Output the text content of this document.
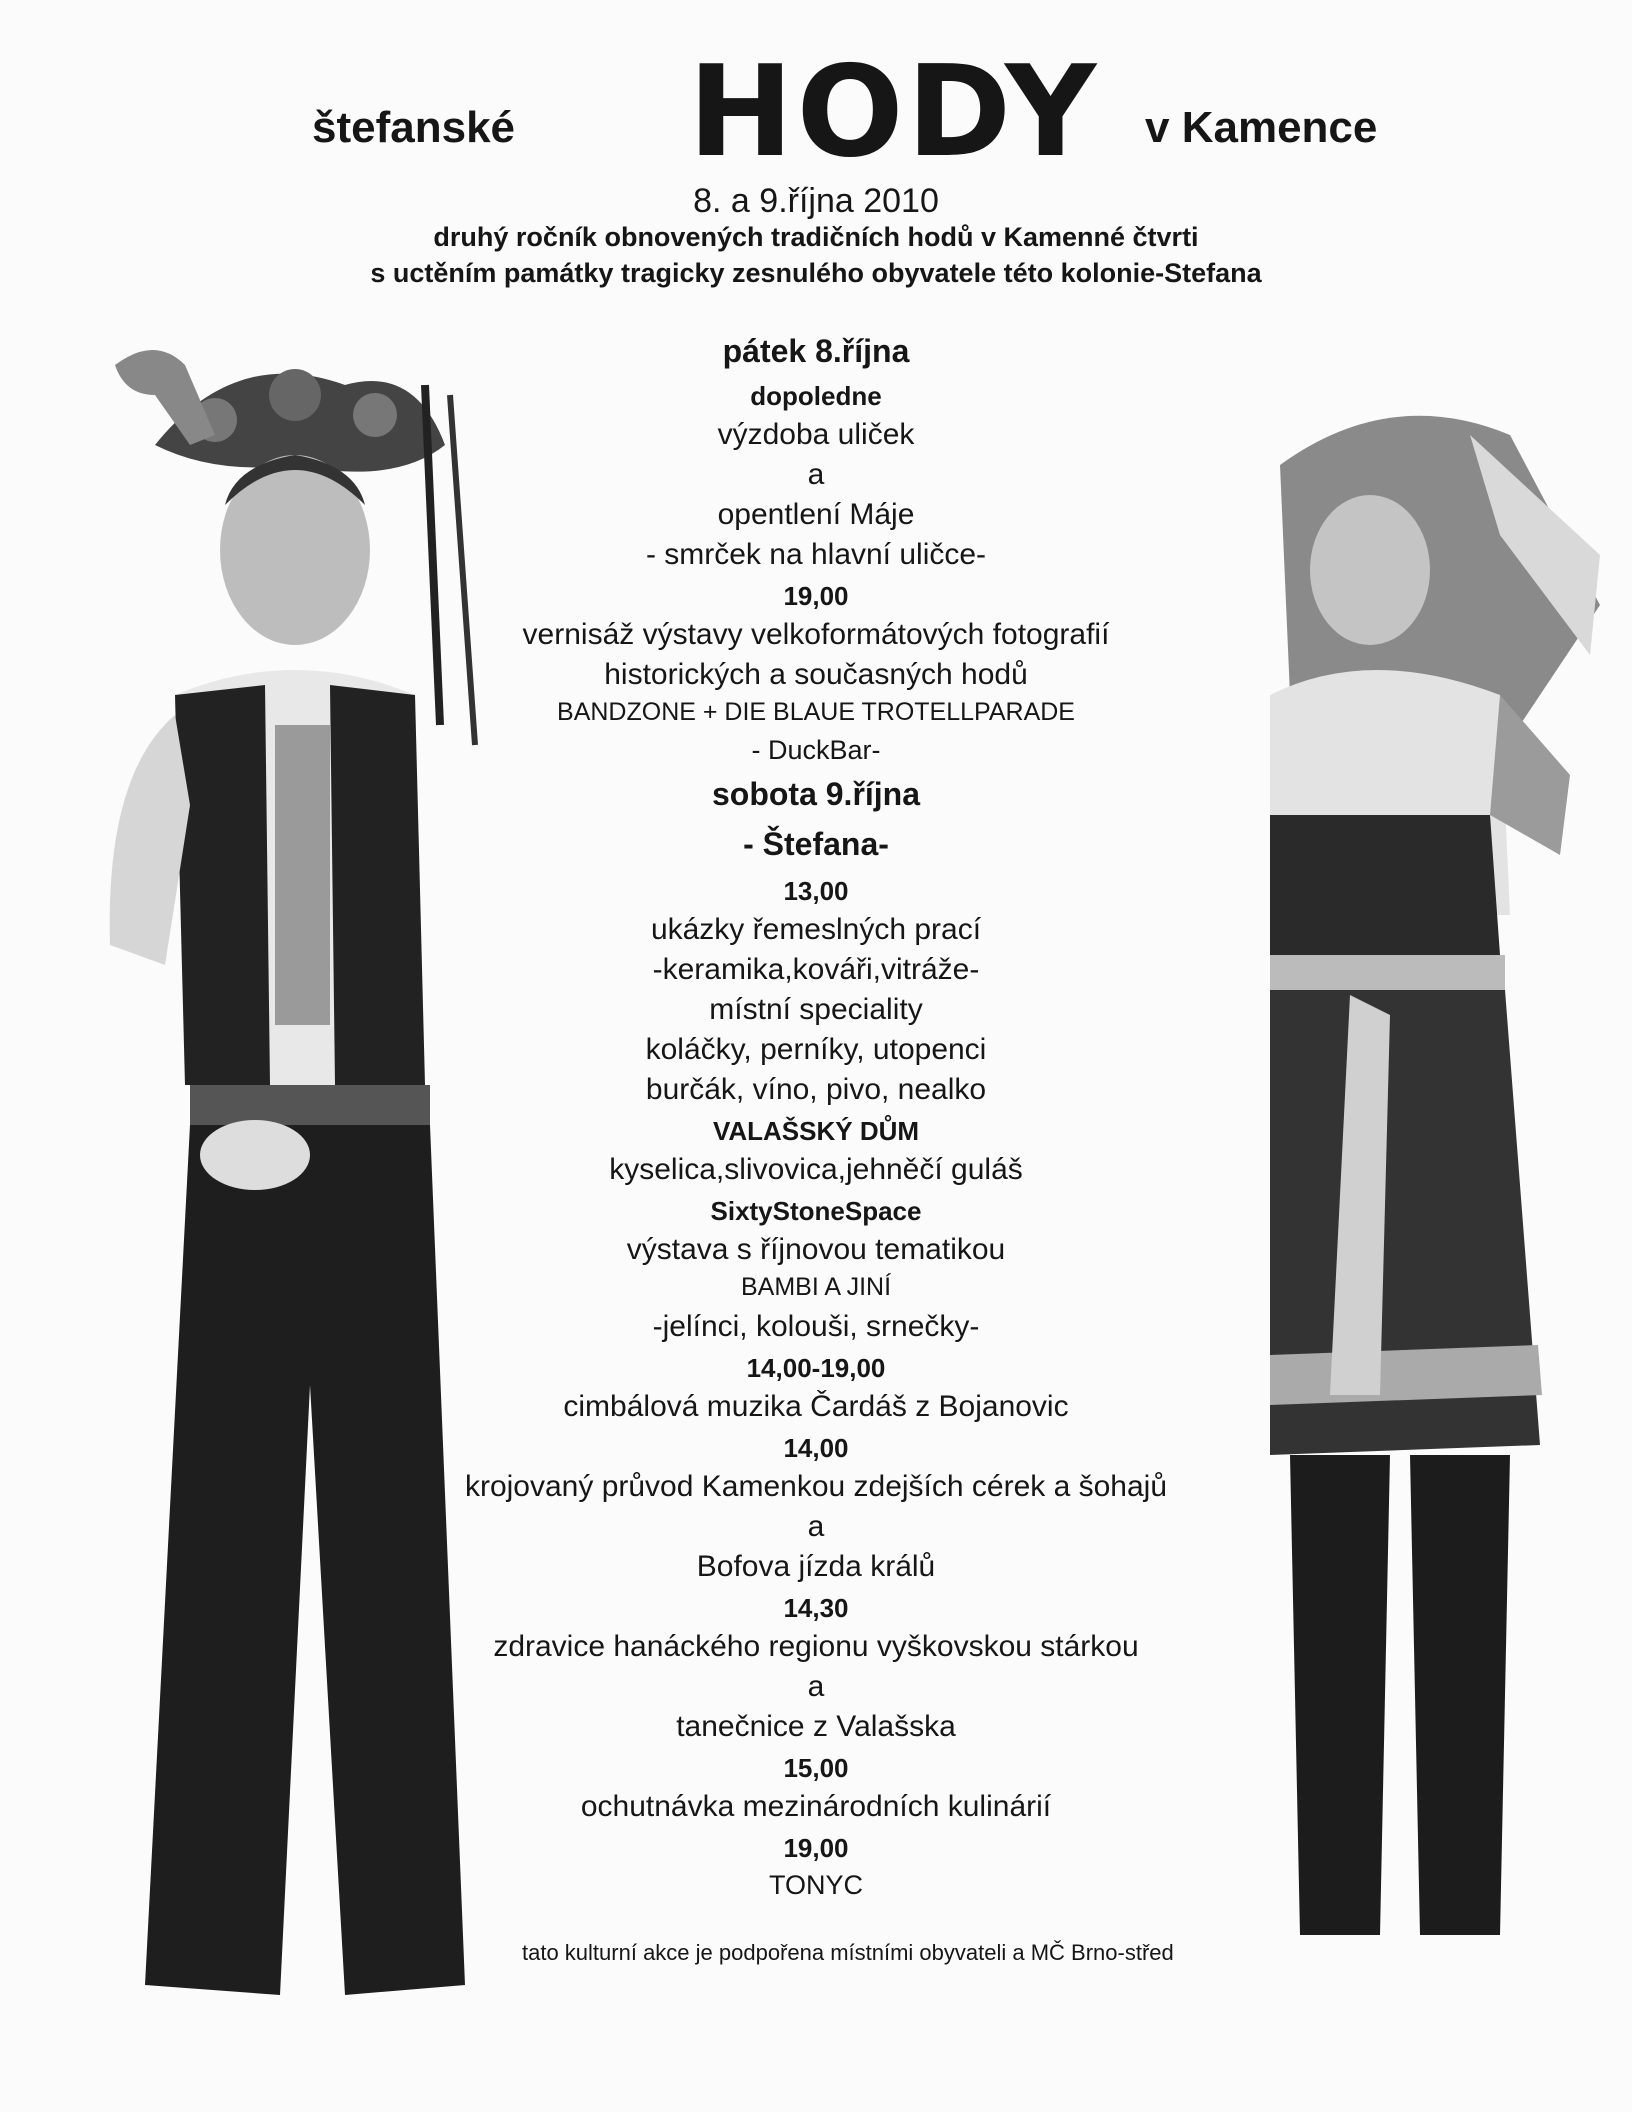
štefanské HODY v Kamence
8. a 9.října 2010
druhý ročník obnovených tradičních hodů v Kamenné čtvrti
s uctěním památky tragicky zesnulého obyvatele této kolonie-Stefana
pátek 8.října
dopoledne
výzdoba uliček
a
opentlení Máje
- smrček na hlavní uličce-
19,00
vernisáž výstavy velkoformátových fotografií
historických a současných hodů
BANDZONE + DIE BLAUE TROTELLPARADE
- DuckBar-
sobota 9.října
- Štefana-
13,00
ukázky řemeslných prací
-keramika,kováři,vitráže-
místní speciality
koláčky, perníky, utopenci
burčák, víno, pivo, nealko
VALAŠSKÝ DŮM
kyselica,slivovica,jehněčí guláš
SixtyStoneSpace
výstava s říjnovou tematikou
BAMBI A JINÍ
-jelínci, kolouši, srnečky-
14,00-19,00
cimbálová muzika Čardáš z Bojanovic
14,00
krojovaný průvod Kamenkou zdejších cérek a šohajů
a
Bofova jízda králů
14,30
zdravice hanáckého regionu vyškovskou stárkou
a
tanečnice z Valašska
15,00
ochutnávka mezinárodních kulinárií
19,00
TONYC
tato kulturní akce je podpořena místními obyvateli a MČ Brno-střed
